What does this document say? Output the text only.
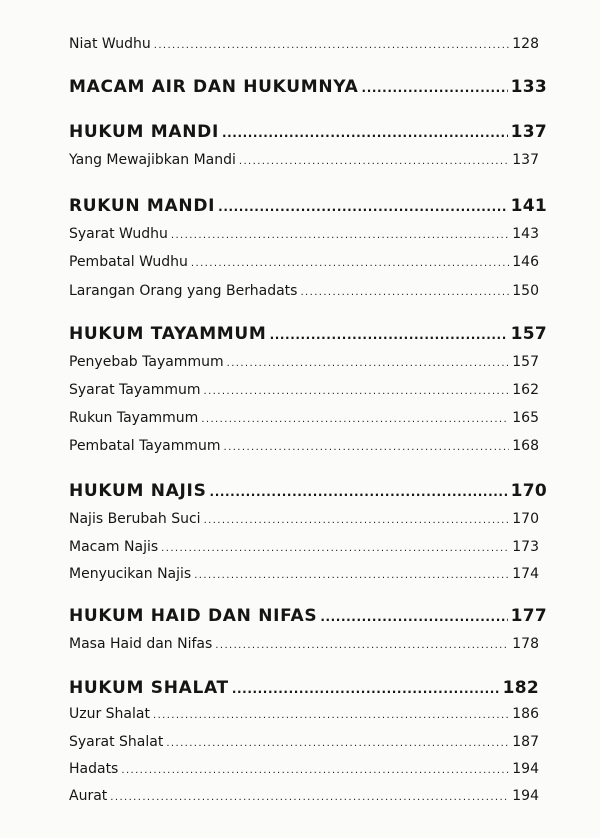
Niat Wudhu .....	128
MACAM AIR DAN HUKUMNYA .....	133
HUKUM MANDI .....	137
Yang Mewajibkan Mandi .....	137
RUKUN MANDI .....	141
Syarat Wudhu .....	143
Pembatal Wudhu .....	146
Larangan Orang yang Berhadats .....	150
HUKUM TAYAMMUM .....	157
Penyebab Tayammum .....	157
Syarat Tayammum .....	162
Rukun Tayammum .....	165
Pembatal Tayammum .....	168
HUKUM NAJIS .....	170
Najis Berubah Suci .....	170
Macam Najis .....	173
Menyucikan Najis .....	174
HUKUM HAID DAN NIFAS .....	177
Masa Haid dan Nifas .....	178
HUKUM SHALAT .....	182
Uzur Shalat .....	186
Syarat Shalat .....	187
Hadats .....	194
Aurat .....	194
